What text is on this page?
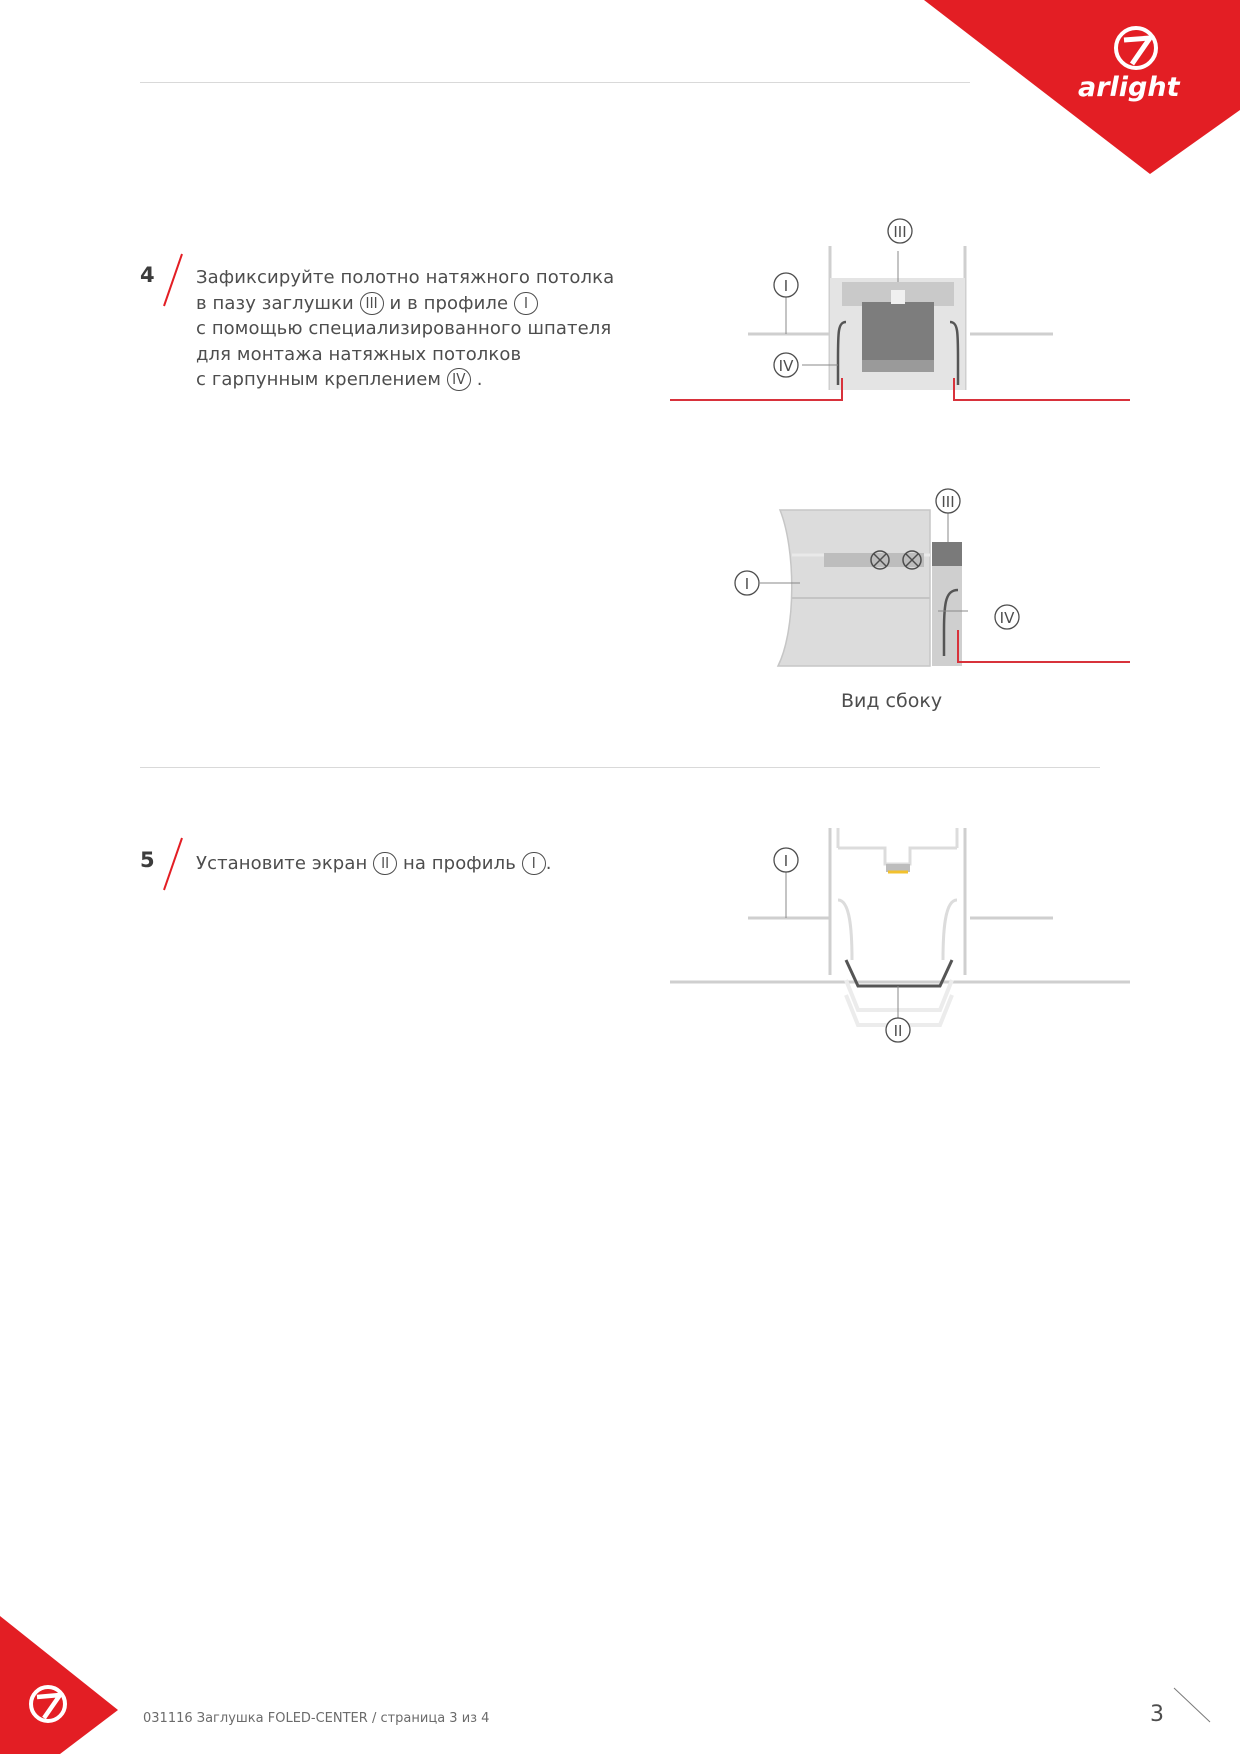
arlight
4 Зафиксируйте полотно натяжного потолка
в пазу заглушки III и в профиле I
с помощью специализированного шпателя
для монтажа натяжных потолков
с гарпунным креплением IV .
5 Установите экран II на профиль I .
III
I
IV
III
I
IV
Вид сбоку
I
II
031116 Заглушка FOLED-CENTER / страница 3 из 4	3
